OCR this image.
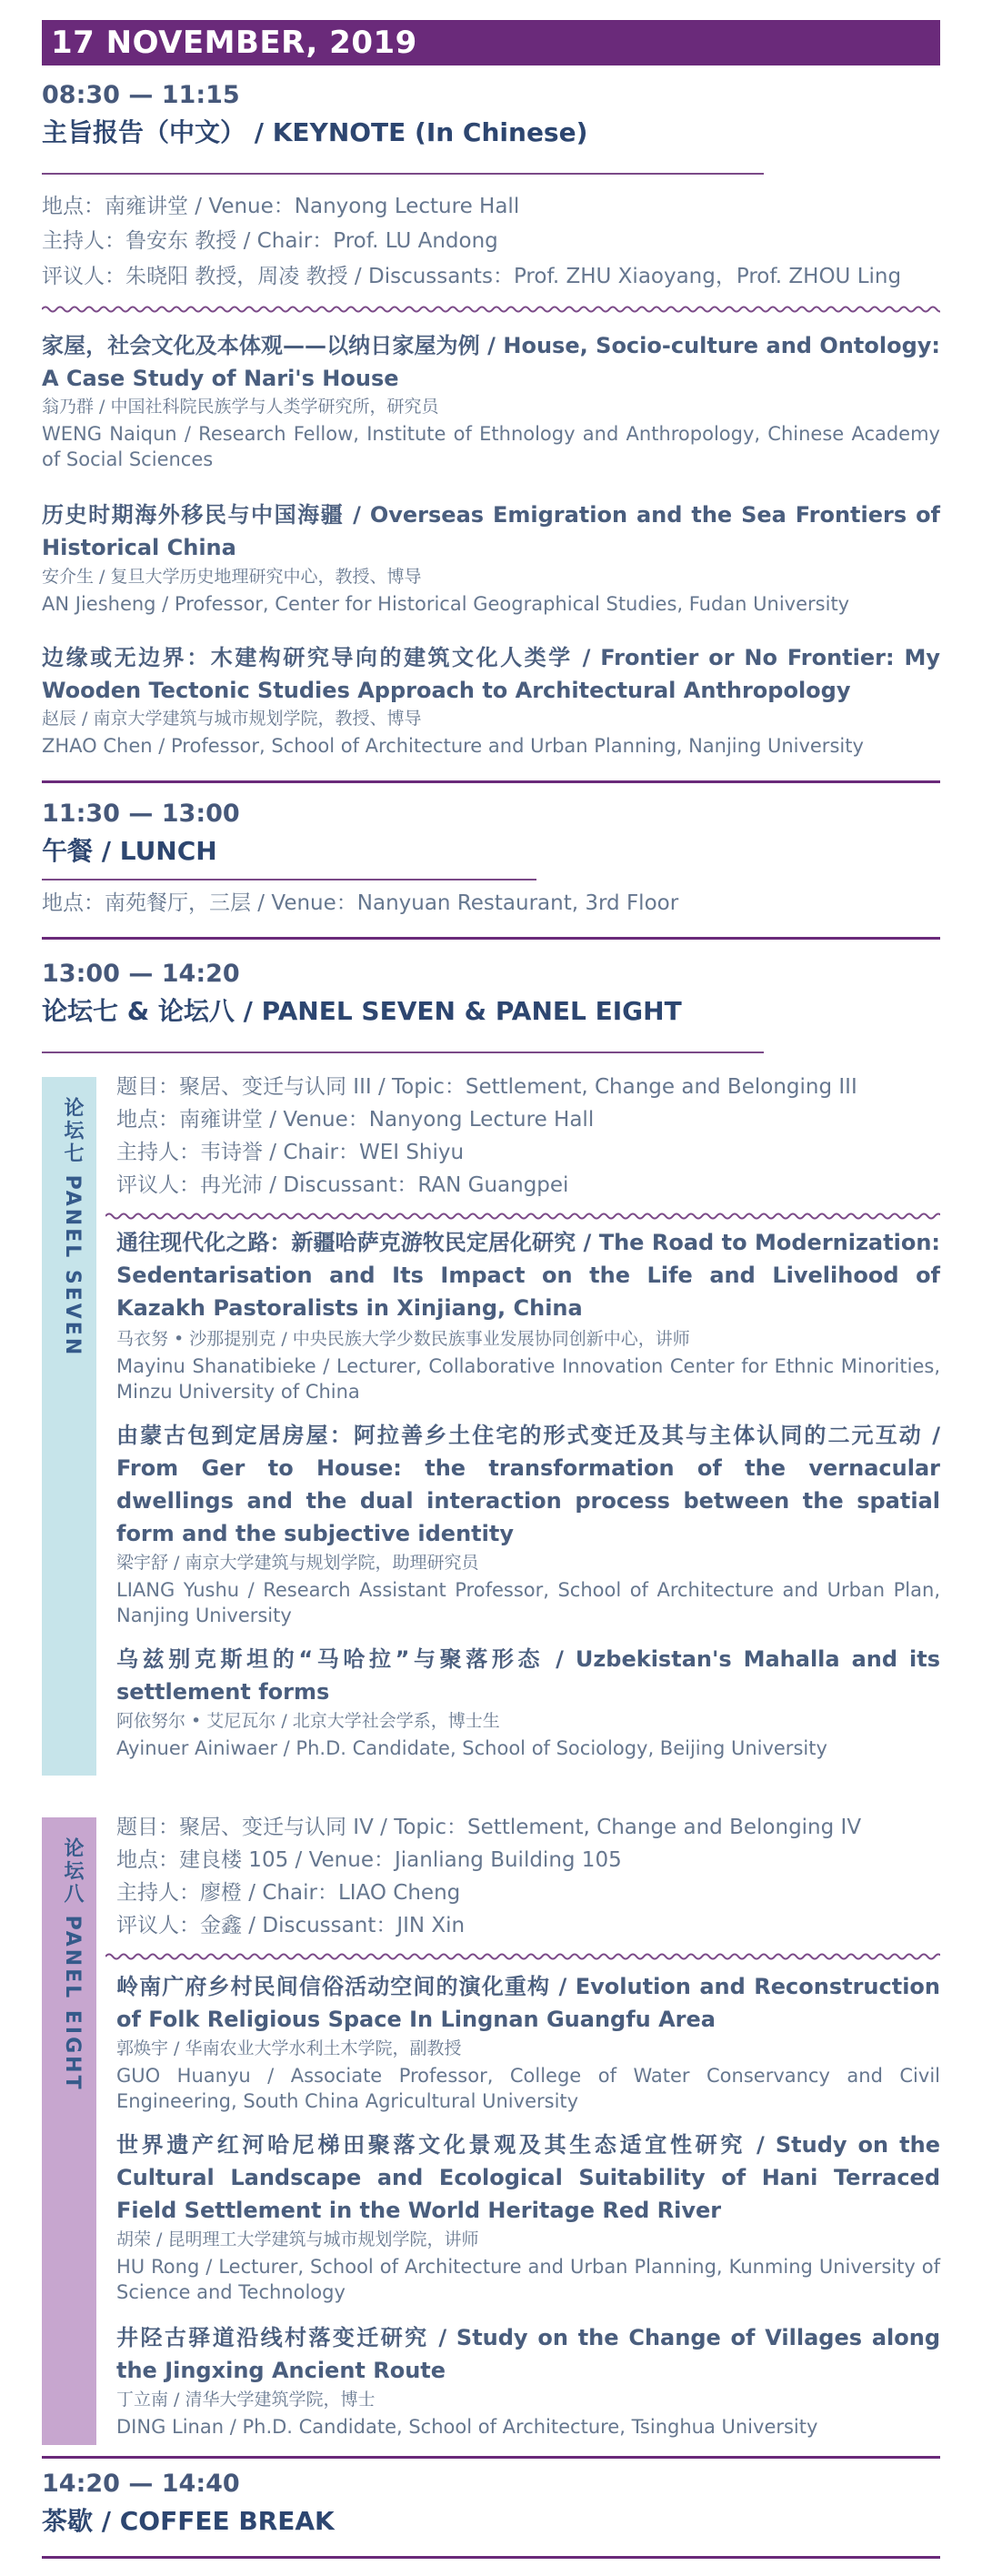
17 NOVEMBER, 2019
08:30 — 11:15
主旨报告（中文） / KEYNOTE (In Chinese)
地点：南雍讲堂 / Venue：Nanyong Lecture Hall
主持人：鲁安东 教授 / Chair：Prof. LU Andong
评议人：朱晓阳 教授，周凌 教授 / Discussants：Prof. ZHU Xiaoyang，Prof. ZHOU Ling
家屋，社会文化及本体观——以纳日家屋为例 / House, Socio-culture and Ontology: A Case Study of Nari's House
翁乃群 / 中国社科院民族学与人类学研究所，研究员
WENG Naiqun / Research Fellow, Institute of Ethnology and Anthropology, Chinese Academy of Social Sciences
历史时期海外移民与中国海疆 / Overseas Emigration and the Sea Frontiers of Historical China
安介生 / 复旦大学历史地理研究中心，教授、博导
AN Jiesheng / Professor, Center for Historical Geographical Studies, Fudan University
边缘或无边界：木建构研究导向的建筑文化人类学 / Frontier or No Frontier: My Wooden Tectonic Studies Approach to Architectural Anthropology
赵辰 / 南京大学建筑与城市规划学院，教授、博导
ZHAO Chen / Professor, School of Architecture and Urban Planning, Nanjing University
11:30 — 13:00
午餐 / LUNCH
地点：南苑餐厅，三层 / Venue：Nanyuan Restaurant, 3rd Floor
13:00 — 14:20
论坛七 & 论坛八 / PANEL SEVEN & PANEL EIGHT
论坛七 PANEL SEVEN
题目：聚居、变迁与认同 III / Topic：Settlement, Change and Belonging III
地点：南雍讲堂 / Venue：Nanyong Lecture Hall
主持人：韦诗誉 / Chair：WEI Shiyu
评议人：冉光沛 / Discussant：RAN Guangpei
通往现代化之路：新疆哈萨克游牧民定居化研究 / The Road to Modernization: Sedentarisation and Its Impact on the Life and Livelihood of Kazakh Pastoralists in Xinjiang, China
马衣努 • 沙那提别克 / 中央民族大学少数民族事业发展协同创新中心，讲师
Mayinu Shanatibieke / Lecturer, Collaborative Innovation Center for Ethnic Minorities, Minzu University of China
由蒙古包到定居房屋：阿拉善乡土住宅的形式变迁及其与主体认同的二元互动 / From Ger to House: the transformation of the vernacular dwellings and the dual interaction process between the spatial form and the subjective identity
梁宇舒 / 南京大学建筑与规划学院，助理研究员
LIANG Yushu / Research Assistant Professor, School of Architecture and Urban Plan, Nanjing University
乌兹别克斯坦的“马哈拉”与聚落形态 / Uzbekistan's Mahalla and its settlement forms
阿依努尔 • 艾尼瓦尔 / 北京大学社会学系，博士生
Ayinuer Ainiwaer / Ph.D. Candidate, School of Sociology, Beijing University
论坛八 PANEL EIGHT
题目：聚居、变迁与认同 IV / Topic：Settlement, Change and Belonging IV
地点：建良楼 105 / Venue：Jianliang Building 105
主持人：廖橙 / Chair：LIAO Cheng
评议人：金鑫 / Discussant：JIN Xin
岭南广府乡村民间信俗活动空间的演化重构 / Evolution and Reconstruction of Folk Religious Space In Lingnan Guangfu Area
郭焕宇 / 华南农业大学水利土木学院，副教授
GUO Huanyu / Associate Professor, College of Water Conservancy and Civil Engineering, South China Agricultural University
世界遗产红河哈尼梯田聚落文化景观及其生态适宜性研究 / Study on the Cultural Landscape and Ecological Suitability of Hani Terraced Field Settlement in the World Heritage Red River
胡荣 / 昆明理工大学建筑与城市规划学院，讲师
HU Rong / Lecturer, School of Architecture and Urban Planning, Kunming University of Science and Technology
井陉古驿道沿线村落变迁研究 / Study on the Change of Villages along the Jingxing Ancient Route
丁立南 / 清华大学建筑学院，博士
DING Linan / Ph.D. Candidate, School of Architecture, Tsinghua University
14:20 — 14:40
茶歇 / COFFEE BREAK
